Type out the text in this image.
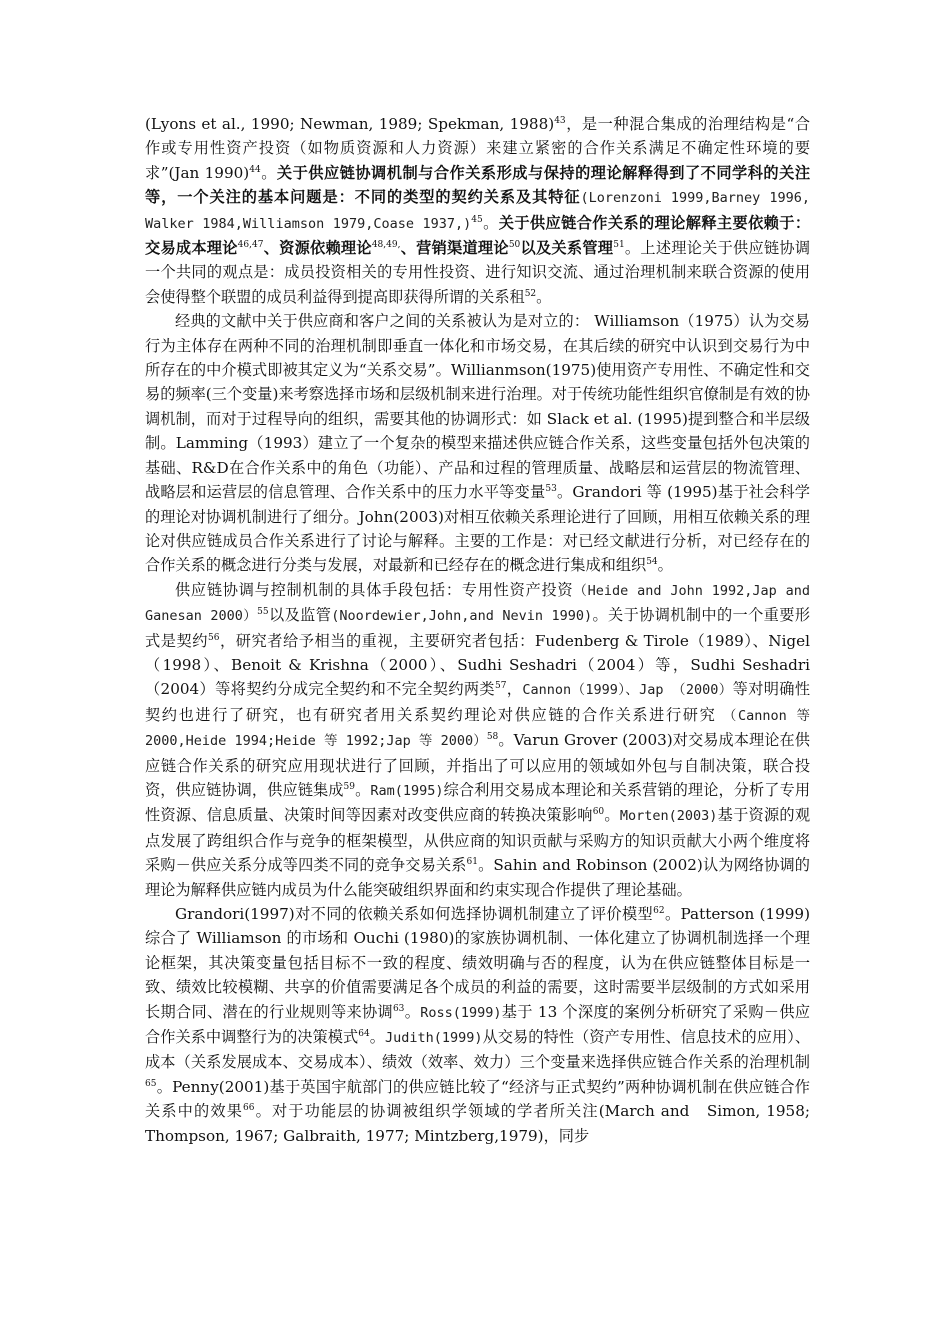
(Lyons et al., 1990; Newman, 1989; Spekman, 1988)$^{43}$，是一种混合集成的治理结构是“合作或专用性资产投资（如物质资源和人力资源）来建立紧密的合作关系满足不确定性环境的要求”(Jan 1990)$^{44}$。关于供应链协调机制与合作关系形成与保持的理论解释得到了不同学科的关注等，一个关注的基本问题是：不同的类型的契约关系及其特征(Lorenzoni 1999,Barney 1996, Walker 1984,Williamson 1979,Coase 1937,)$^{45}$。关于供应链合作关系的理论解释主要依赖于：交易成本理论$^{46,47}$、资源依赖理论$^{48,49,}$、营销渠道理论$^{50}$以及关系管理$^{51}$。上述理论关于供应链协调一个共同的观点是：成员投资相关的专用性投资、进行知识交流、通过治理机制来联合资源的使用会使得整个联盟的成员利益得到提高即获得所谓的关系租$^{52}$。

经典的文献中关于供应商和客户之间的关系被认为是对立的： Williamson（1975）认为交易行为主体存在两种不同的治理机制即垂直一体化和市场交易，在其后续的研究中认识到交易行为中所存在的中介模式即被其定义为“关系交易”。Willianmson(1975)使用资产专用性、不确定性和交易的频率(三个变量)来考察选择市场和层级机制来进行治理。对于传统功能性组织官僚制是有效的协调机制，而对于过程导向的组织，需要其他的协调形式：如 Slack et al. (1995)提到整合和半层级制。Lamming（1993）建立了一个复杂的模型来描述供应链合作关系，这些变量包括外包决策的基础、R&D在合作关系中的角色（功能）、产品和过程的管理质量、战略层和运营层的物流管理、战略层和运营层的信息管理、合作关系中的压力水平等变量$^{53}$。Grandori 等 (1995)基于社会科学的理论对协调机制进行了细分。John(2003)对相互依赖关系理论进行了回顾，用相互依赖关系的理论对供应链成员合作关系进行了讨论与解释。主要的工作是：对已经文献进行分析，对已经存在的合作关系的概念进行分类与发展，对最新和已经存在的概念进行集成和组织$^{54}$。

供应链协调与控制机制的具体手段包括：专用性资产投资（Heide and John 1992,Jap and Ganesan 2000）$^{55}$以及监管(Noordewier,John,and Nevin 1990)。关于协调机制中的一个重要形式是契约$^{56}$，研究者给予相当的重视，主要研究者包括：Fudenberg & Tirole（1989）、Nigel（1998）、Benoit & Krishna（2000）、Sudhi Seshadri（2004）等，Sudhi Seshadri（2004）等将契约分成完全契约和不完全契约两类$^{57}$，Cannon（1999）、Jap （2000）等对明确性契约也进行了研究，也有研究者用关系契约理论对供应链的合作关系进行研究 （Cannon 等 2000,Heide 1994;Heide 等 1992;Jap 等 2000）$^{58}$。Varun Grover (2003)对交易成本理论在供应链合作关系的研究应用现状进行了回顾，并指出了可以应用的领域如外包与自制决策，联合投资，供应链协调，供应链集成$^{59}$。Ram(1995)综合利用交易成本理论和关系营销的理论，分析了专用性资源、信息质量、决策时间等因素对改变供应商的转换决策影响$^{60}$。Morten(2003)基于资源的观点发展了跨组织合作与竞争的框架模型，从供应商的知识贡献与采购方的知识贡献大小两个维度将采购－供应关系分成等四类不同的竞争交易关系$^{61}$。Sahin and Robinson (2002)认为网络协调的理论为解释供应链内成员为什么能突破组织界面和约束实现合作提供了理论基础。

Grandori(1997)对不同的依赖关系如何选择协调机制建立了评价模型$^{62}$。Patterson (1999)综合了 Williamson 的市场和 Ouchi (1980)的家族协调机制、一体化建立了协调机制选择一个理论框架，其决策变量包括目标不一致的程度、绩效明确与否的程度，认为在供应链整体目标是一致、绩效比较模糊、共享的价值需要满足各个成员的利益的需要，这时需要半层级制的方式如采用长期合同、潜在的行业规则等来协调$^{63}$。Ross(1999)基于 13 个深度的案例分析研究了采购－供应合作关系中调整行为的决策模式$^{64}$。Judith(1999)从交易的特性（资产专用性、信息技术的应用）、成本（关系发展成本、交易成本）、绩效（效率、效力）三个变量来选择供应链合作关系的治理机制$^{65}$。Penny(2001)基于英国宇航部门的供应链比较了“经济与正式契约”两种协调机制在供应链合作关系中的效果$^{66}$。对于功能层的协调被组织学领域的学者所关注(March and　Simon, 1958; Thompson, 1967; Galbraith, 1977; Mintzberg,1979)，同步
